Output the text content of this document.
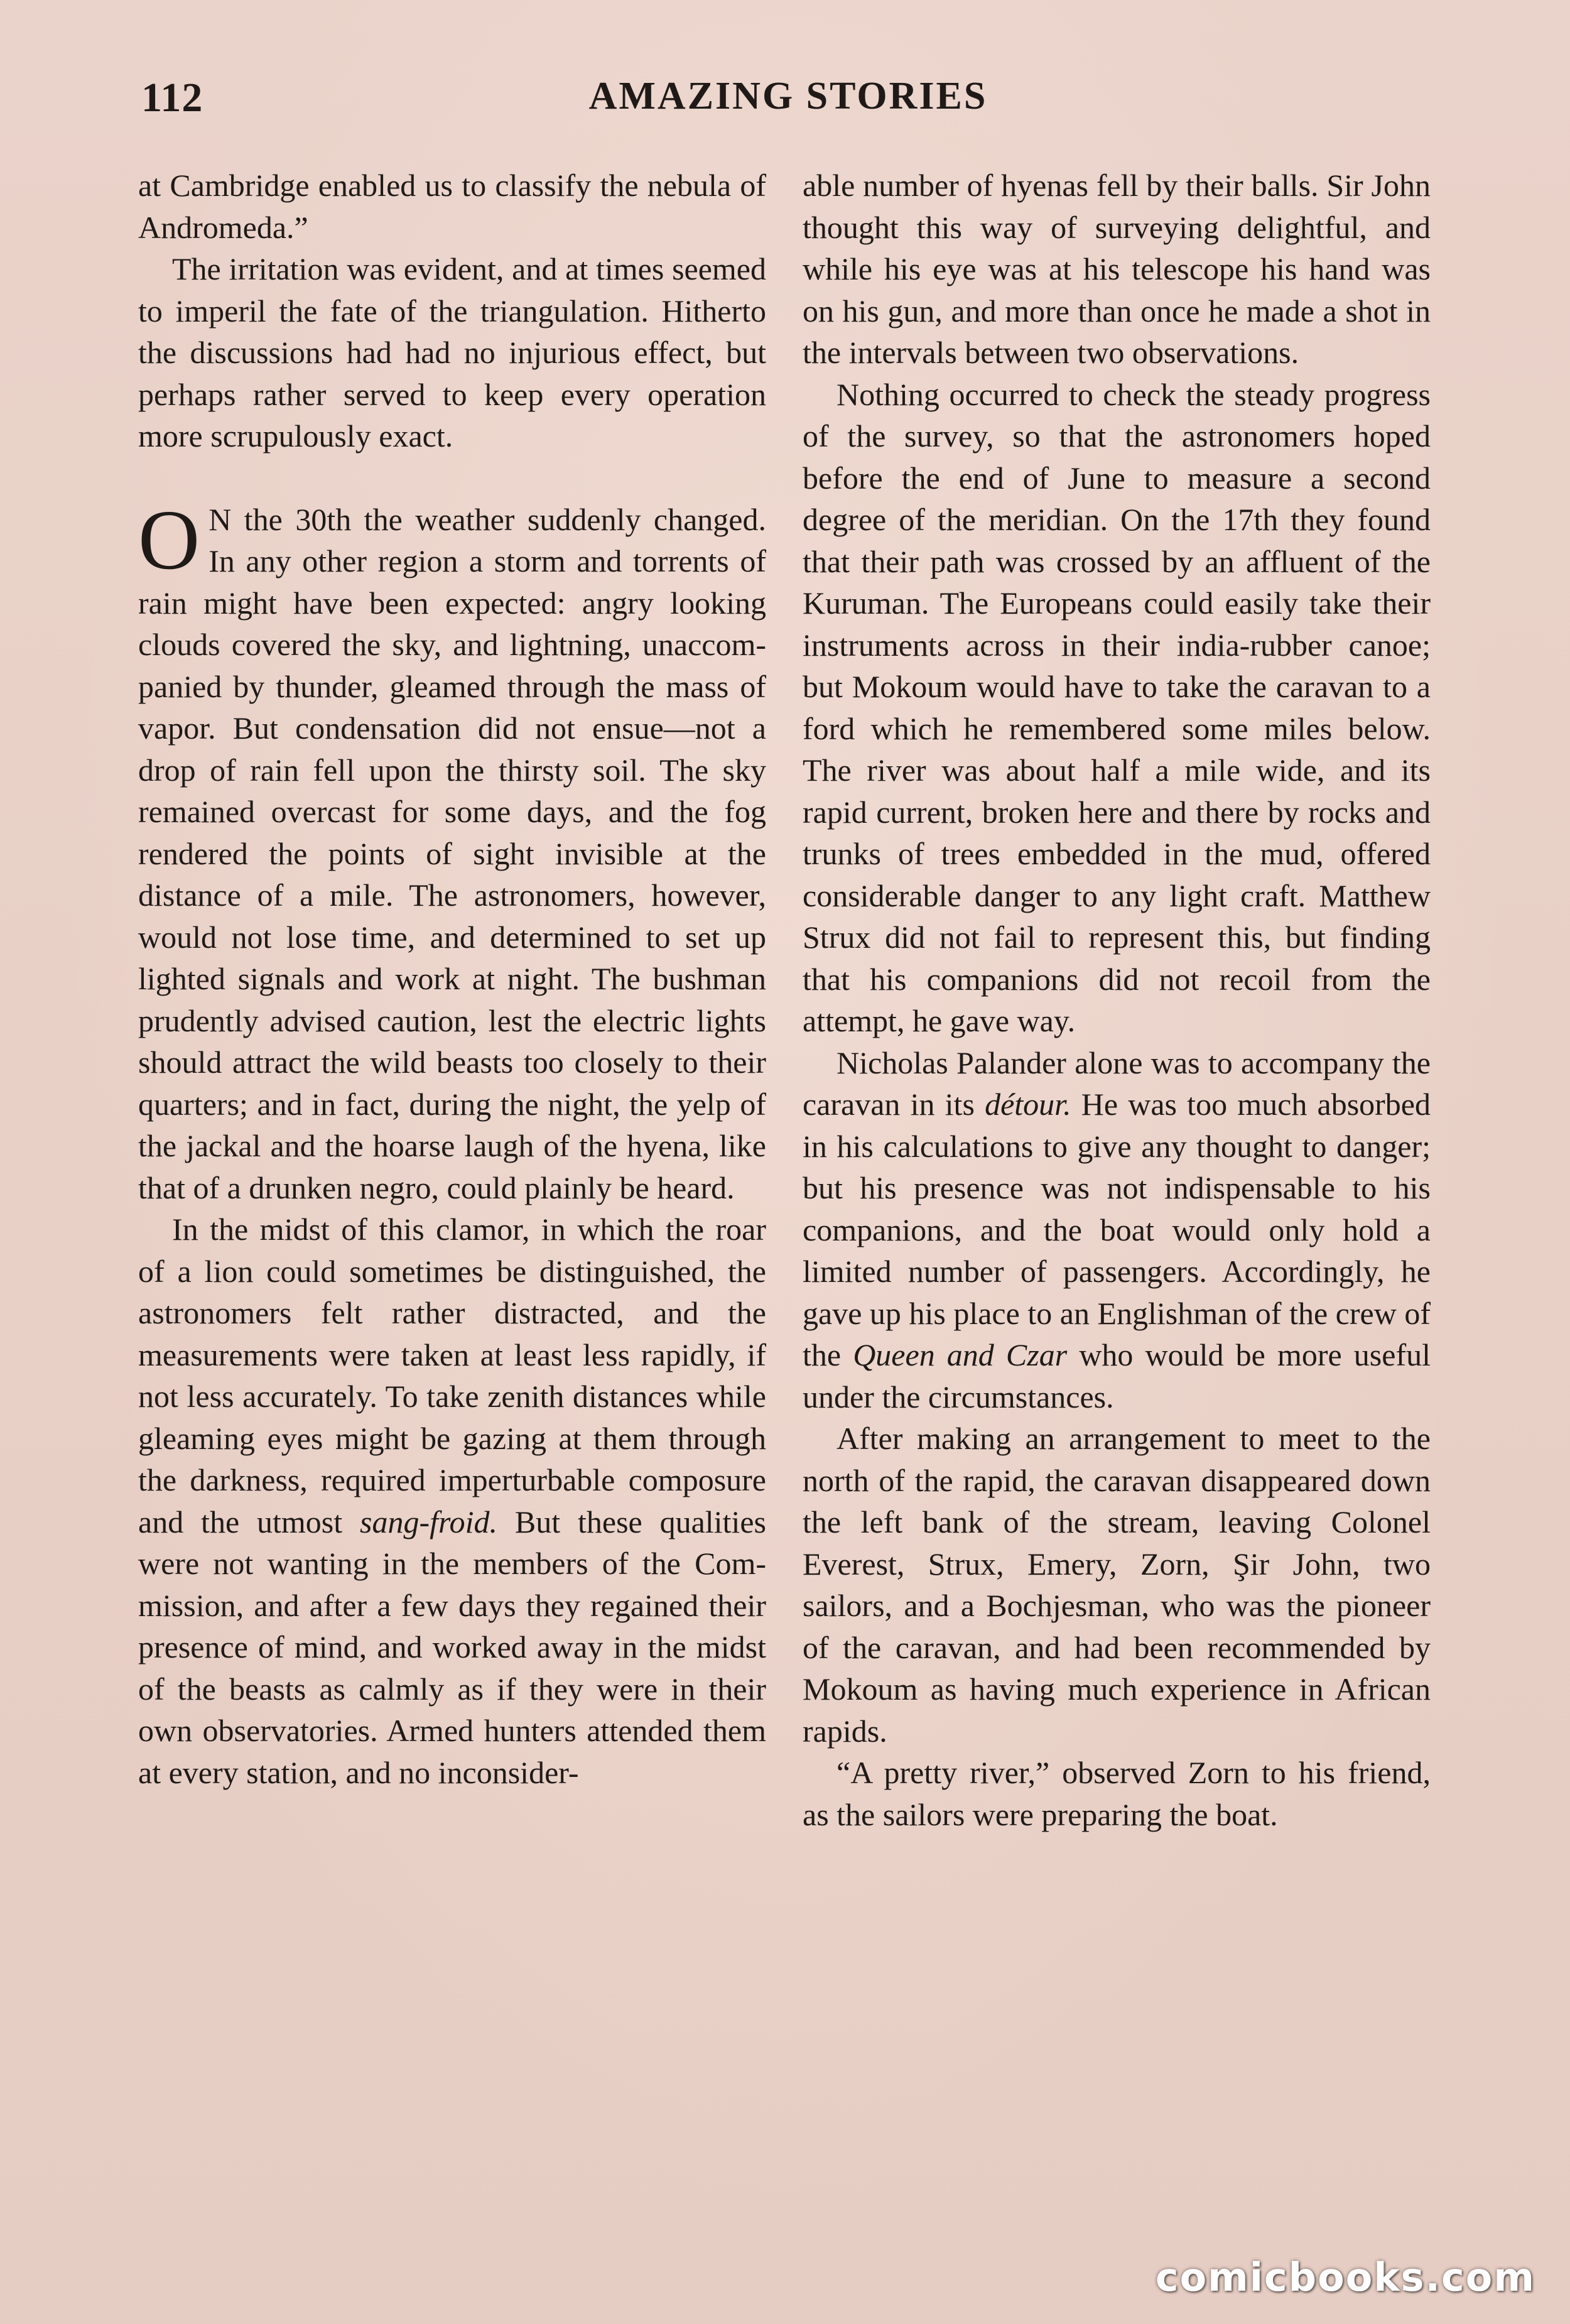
112	AMAZING STORIES

at Cambridge enabled us to classify the nebula of Andromeda.”

The irritation was evident, and at times seemed to imperil the fate of the triangulation. Hitherto the discussions had had no injurious effect, but perhaps rather served to keep every operation more scrupulously exact.

O N the 30th the weather suddenly changed. In any other region a storm and torrents of rain might have been expected: angry looking clouds covered the sky, and lightning, unaccompanied by thunder, gleamed through the mass of vapor. But condensation did not ensue—not a drop of rain fell upon the thirsty soil. The sky remained overcast for some days, and the fog rendered the points of sight invisible at the distance of a mile. The astronomers, however, would not lose time, and determined to set up lighted signals and work at night. The bushman prudently advised caution, lest the electric lights should attract the wild beasts too closely to their quarters; and in fact, during the night, the yelp of the jackal and the hoarse laugh of the hyena, like that of a drunken negro, could plainly be heard.

In the midst of this clamor, in which the roar of a lion could sometimes be distinguished, the astronomers felt rather distracted, and the measurements were taken at least less rapidly, if not less accurately. To take zenith distances while gleaming eyes might be gazing at them through the darkness, required imperturbable composure and the utmost sang-froid. But these qualities were not wanting in the members of the Commission, and after a few days they regained their presence of mind, and worked away in the midst of the beasts as calmly as if they were in their own observatories. Armed hunters attended them at every station, and no inconsider-

able number of hyenas fell by their balls. Sir John thought this way of surveying delightful, and while his eye was at his telescope his hand was on his gun, and more than once he made a shot in the intervals between two observations.

Nothing occurred to check the steady progress of the survey, so that the astronomers hoped before the end of June to measure a second degree of the meridian. On the 17th they found that their path was crossed by an affluent of the Kuruman. The Europeans could easily take their instruments across in their india-rubber canoe; but Mokoum would have to take the caravan to a ford which he remembered some miles below. The river was about half a mile wide, and its rapid current, broken here and there by rocks and trunks of trees embedded in the mud, offered considerable danger to any light craft. Matthew Strux did not fail to represent this, but finding that his companions did not recoil from the attempt, he gave way.

Nicholas Palander alone was to accompany the caravan in its détour. He was too much absorbed in his calculations to give any thought to danger; but his presence was not indispensable to his companions, and the boat would only hold a limited number of passengers. Accordingly, he gave up his place to an Englishman of the crew of the Queen and Czar who would be more useful under the circumstances.

After making an arrangement to meet to the north of the rapid, the caravan disappeared down the left bank of the stream, leaving Colonel Everest, Strux, Emery, Zorn, Şir John, two sailors, and a Bochjesman, who was the pioneer of the caravan, and had been recommended by Mokoum as having much experience in African rapids.

“A pretty river,” observed Zorn to his friend, as the sailors were preparing the boat.

comicbooks.com
